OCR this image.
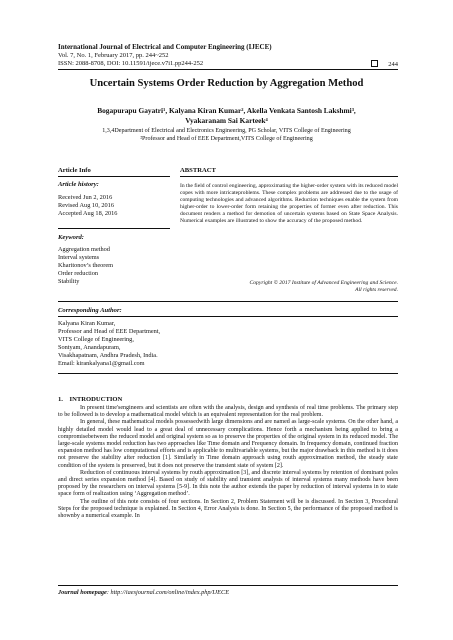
International Journal of Electrical and Computer Engineering (IJECE)
Vol. 7, No. 1, February 2017, pp. 244~252
ISSN: 2088-8708, DOI: 10.11591/ijece.v7i1.pp244-252	244
Uncertain Systems Order Reduction by Aggregation Method
Bogapurapu Gayatri¹, Kalyana Kiran Kumar², Akella Venkata Santosh Lakshmi³,
Vyakaranam Sai Karteek⁴
1,3,4Department of Electrical and Electronics Engineering, PG Scholar, VITS College of Engineering
²Professor and Head of EEE Department,VITS College of Engineering
Article Info
Article history:
Received Jun 2, 2016
Revised Aug 10, 2016
Accepted Aug 18, 2016
Keyword:
Aggregation method
Interval systems
Kharitonov’s theorem
Order reduction
Stability
ABSTRACT
In the field of control engineering, approximating the higher-order system with its reduced model copes with more intricateproblems. These complex problems are addressed due to the usage of computing technologies and advanced algorithms. Reduction techniques enable the system from higher-order to lower-order form retaining the properties of former even after reduction. This document renders a method for demotion of uncertain systems based on State Space Analysis. Numerical examples are illustrated to show the accuracy of the proposed method.
Copyright © 2017 Institute of Advanced Engineering and Science.
All rights reserved.
Corresponding Author:
Kalyana Kiran Kumar,
Professor and Head of EEE Department,
VITS College of Engineering,
Sontyam, Anandapuram,
Visakhapatnam, Andhra Pradesh, India.
Email: kirankalyana1@gmail.com
1.    INTRODUCTION

In present time'sengineers and scientists are often with the analysis, design and synthesis of real time problems. The primary step to be followed is to develop a mathematical model which is an equivalent representation for the real problem.

In general, these mathematical models possessedwith large dimensions and are named as large-scale systems. On the other hand, a highly detailed model would lead to a great deal of unnecessary complications. Hence forth a mechanism being applied to bring a compromisebetween the reduced model and original system so as to preserve the properties of the original system in its reduced model. The large-scale systems model reduction has two approaches like Time domain and Frequency domain. In frequency domain, continued fraction expansion method has low computational efforts and is applicable to multivariable systems, but the major drawback in this method is it does not preserve the stability after reduction [1]. Similarly in Time domain approach using routh approximation method, the steady state condition of the system is preserved, but it does not preserve the transient state of system [2].

Reduction of continuous interval systems by routh approximation [3], and discrete interval systems by retention of dominant poles and direct series expansion method [4]. Based on study of stability and transient analysis of interval systems many methods have been proposed by the researchers on interval systems [5-9]. In this note the author extends the paper by reduction of interval systems in to state space form of realization using ‘Aggregation method’.

The outline of this note consists of four sections. In Section 2, Problem Statement will be is discussed. In Section 3, Procedural Steps for the proposed technique is explained. In Section 4, Error Analysis is done. In Section 5, the performance of the proposed method is shownby a numerical example. In

Journal homepage: http://iaesjournal.com/online/index.php/IJECE
